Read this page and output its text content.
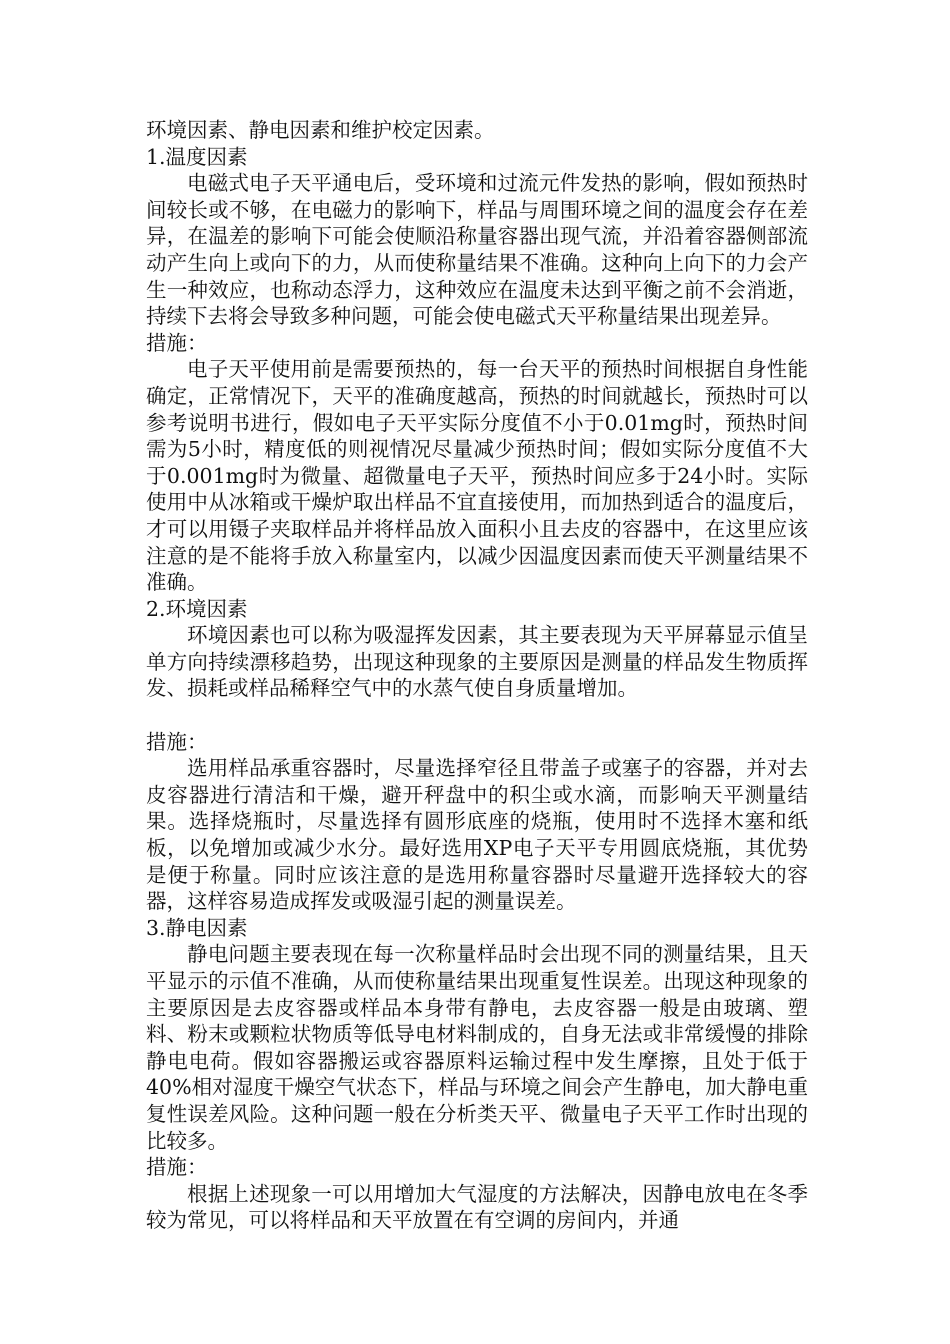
环境因素、静电因素和维护校定因素。

1.温度因素

电磁式电子天平通电后，受环境和过流元件发热的影响，假如预热时间较长或不够，在电磁力的影响下，样品与周围环境之间的温度会存在差异，在温差的影响下可能会使顺沿称量容器出现气流，并沿着容器侧部流动产生向上或向下的力，从而使称量结果不准确。这种向上向下的力会产生一种效应，也称动态浮力，这种效应在温度未达到平衡之前不会消逝，持续下去将会导致多种问题，可能会使电磁式天平称量结果出现差异。

措施：

电子天平使用前是需要预热的，每一台天平的预热时间根据自身性能确定，正常情况下，天平的准确度越高，预热的时间就越长，预热时可以参考说明书进行，假如电子天平实际分度值不小于0.01mg时，预热时间需为5小时，精度低的则视情况尽量减少预热时间；假如实际分度值不大于0.001mg时为微量、超微量电子天平，预热时间应多于24小时。实际使用中从冰箱或干燥炉取出样品不宜直接使用，而加热到适合的温度后，才可以用镊子夹取样品并将样品放入面积小且去皮的容器中，在这里应该注意的是不能将手放入称量室内，以减少因温度因素而使天平测量结果不准确。

2.环境因素

环境因素也可以称为吸湿挥发因素，其主要表现为天平屏幕显示值呈单方向持续漂移趋势，出现这种现象的主要原因是测量的样品发生物质挥发、损耗或样品稀释空气中的水蒸气使自身质量增加。

措施：

选用样品承重容器时，尽量选择窄径且带盖子或塞子的容器，并对去皮容器进行清洁和干燥，避开秤盘中的积尘或水滴，而影响天平测量结果。选择烧瓶时，尽量选择有圆形底座的烧瓶，使用时不选择木塞和纸板，以免增加或减少水分。最好选用XP电子天平专用圆底烧瓶，其优势是便于称量。同时应该注意的是选用称量容器时尽量避开选择较大的容器，这样容易造成挥发或吸湿引起的测量误差。

3.静电因素

静电问题主要表现在每一次称量样品时会出现不同的测量结果，且天平显示的示值不准确，从而使称量结果出现重复性误差。出现这种现象的主要原因是去皮容器或样品本身带有静电，去皮容器一般是由玻璃、塑料、粉末或颗粒状物质等低导电材料制成的，自身无法或非常缓慢的排除静电电荷。假如容器搬运或容器原料运输过程中发生摩擦，且处于低于40%相对湿度干燥空气状态下，样品与环境之间会产生静电，加大静电重复性误差风险。这种问题一般在分析类天平、微量电子天平工作时出现的比较多。

措施：

根据上述现象一可以用增加大气湿度的方法解决，因静电放电在冬季较为常见，可以将样品和天平放置在有空调的房间内，并通
